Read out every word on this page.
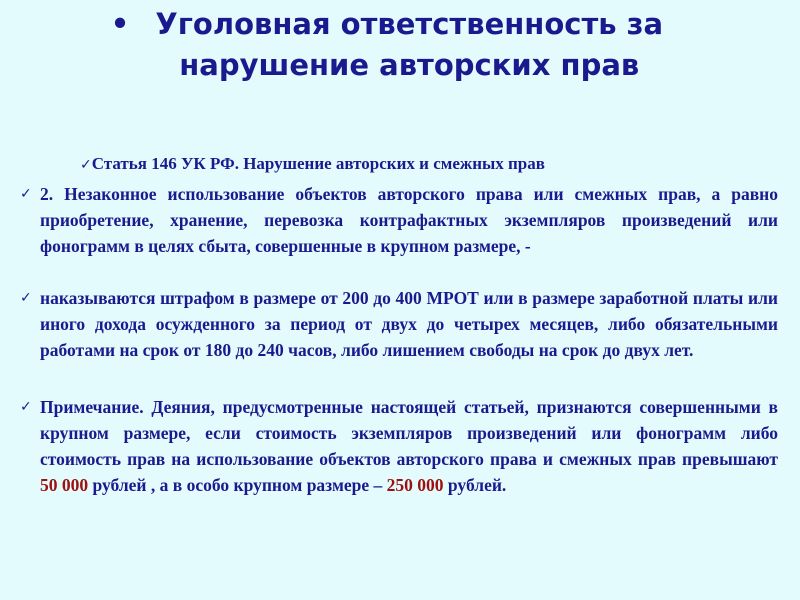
• Уголовная ответственность за нарушение авторских прав
✓Статья 146 УК РФ. Нарушение авторских и смежных прав
✓ 2. Незаконное использование объектов авторского права или смежных прав, а равно приобретение, хранение, перевозка контрафактных экземпляров произведений или фонограмм в целях сбыта, совершенные в крупном размере, -
✓ наказываются штрафом в размере от 200 до 400 МРОТ или в размере заработной платы или иного дохода осужденного за период от двух до четырех месяцев, либо обязательными работами на срок от 180 до 240 часов, либо лишением свободы на срок до двух лет.
✓ Примечание. Деяния, предусмотренные настоящей статьей, признаются совершенными в крупном размере, если стоимость экземпляров произведений или фонограмм либо стоимость прав на использование объектов авторского права и смежных прав превышают 50 000 рублей , а в особо крупном размере – 250 000 рублей.
